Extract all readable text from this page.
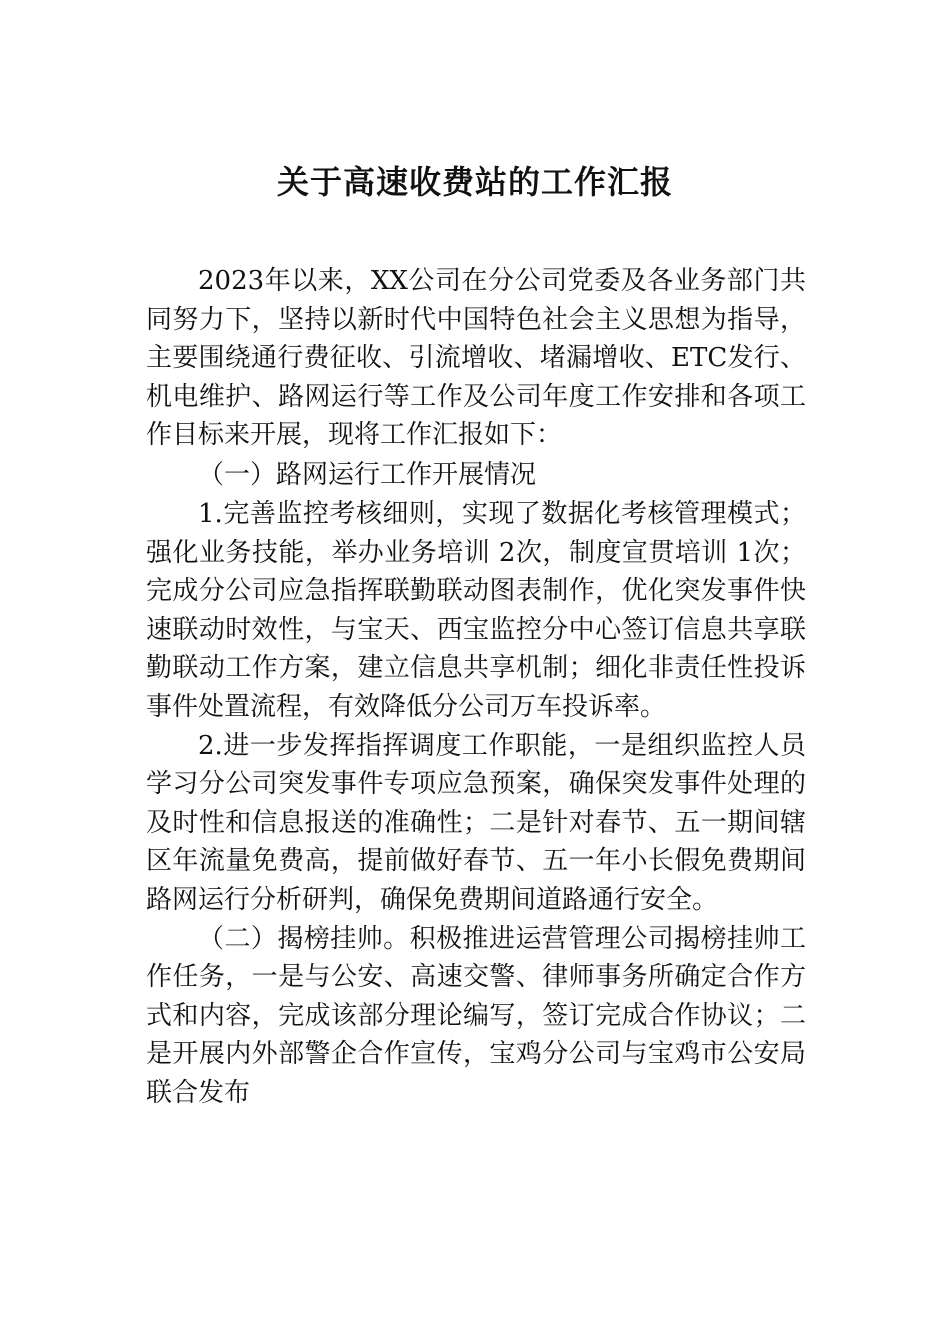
关于高速收费站的工作汇报

2023年以来，XX公司在分公司党委及各业务部门共同努力下，坚持以新时代中国特色社会主义思想为指导，主要围绕通行费征收、引流增收、堵漏增收、ETC发行、机电维护、路网运行等工作及公司年度工作安排和各项工作目标来开展，现将工作汇报如下：

（一）路网运行工作开展情况

1.完善监控考核细则，实现了数据化考核管理模式；强化业务技能，举办业务培训 2次，制度宣贯培训 1次；完成分公司应急指挥联勤联动图表制作，优化突发事件快速联动时效性，与宝天、西宝监控分中心签订信息共享联勤联动工作方案，建立信息共享机制；细化非责任性投诉事件处置流程，有效降低分公司万车投诉率。

2.进一步发挥指挥调度工作职能，一是组织监控人员学习分公司突发事件专项应急预案，确保突发事件处理的及时性和信息报送的准确性；二是针对春节、五一期间辖区年流量免费高，提前做好春节、五一年小长假免费期间路网运行分析研判，确保免费期间道路通行安全。

（二）揭榜挂帅。积极推进运营管理公司揭榜挂帅工作任务，一是与公安、高速交警、律师事务所确定合作方式和内容，完成该部分理论编写，签订完成合作协议；二是开展内外部警企合作宣传，宝鸡分公司与宝鸡市公安局联合发布
